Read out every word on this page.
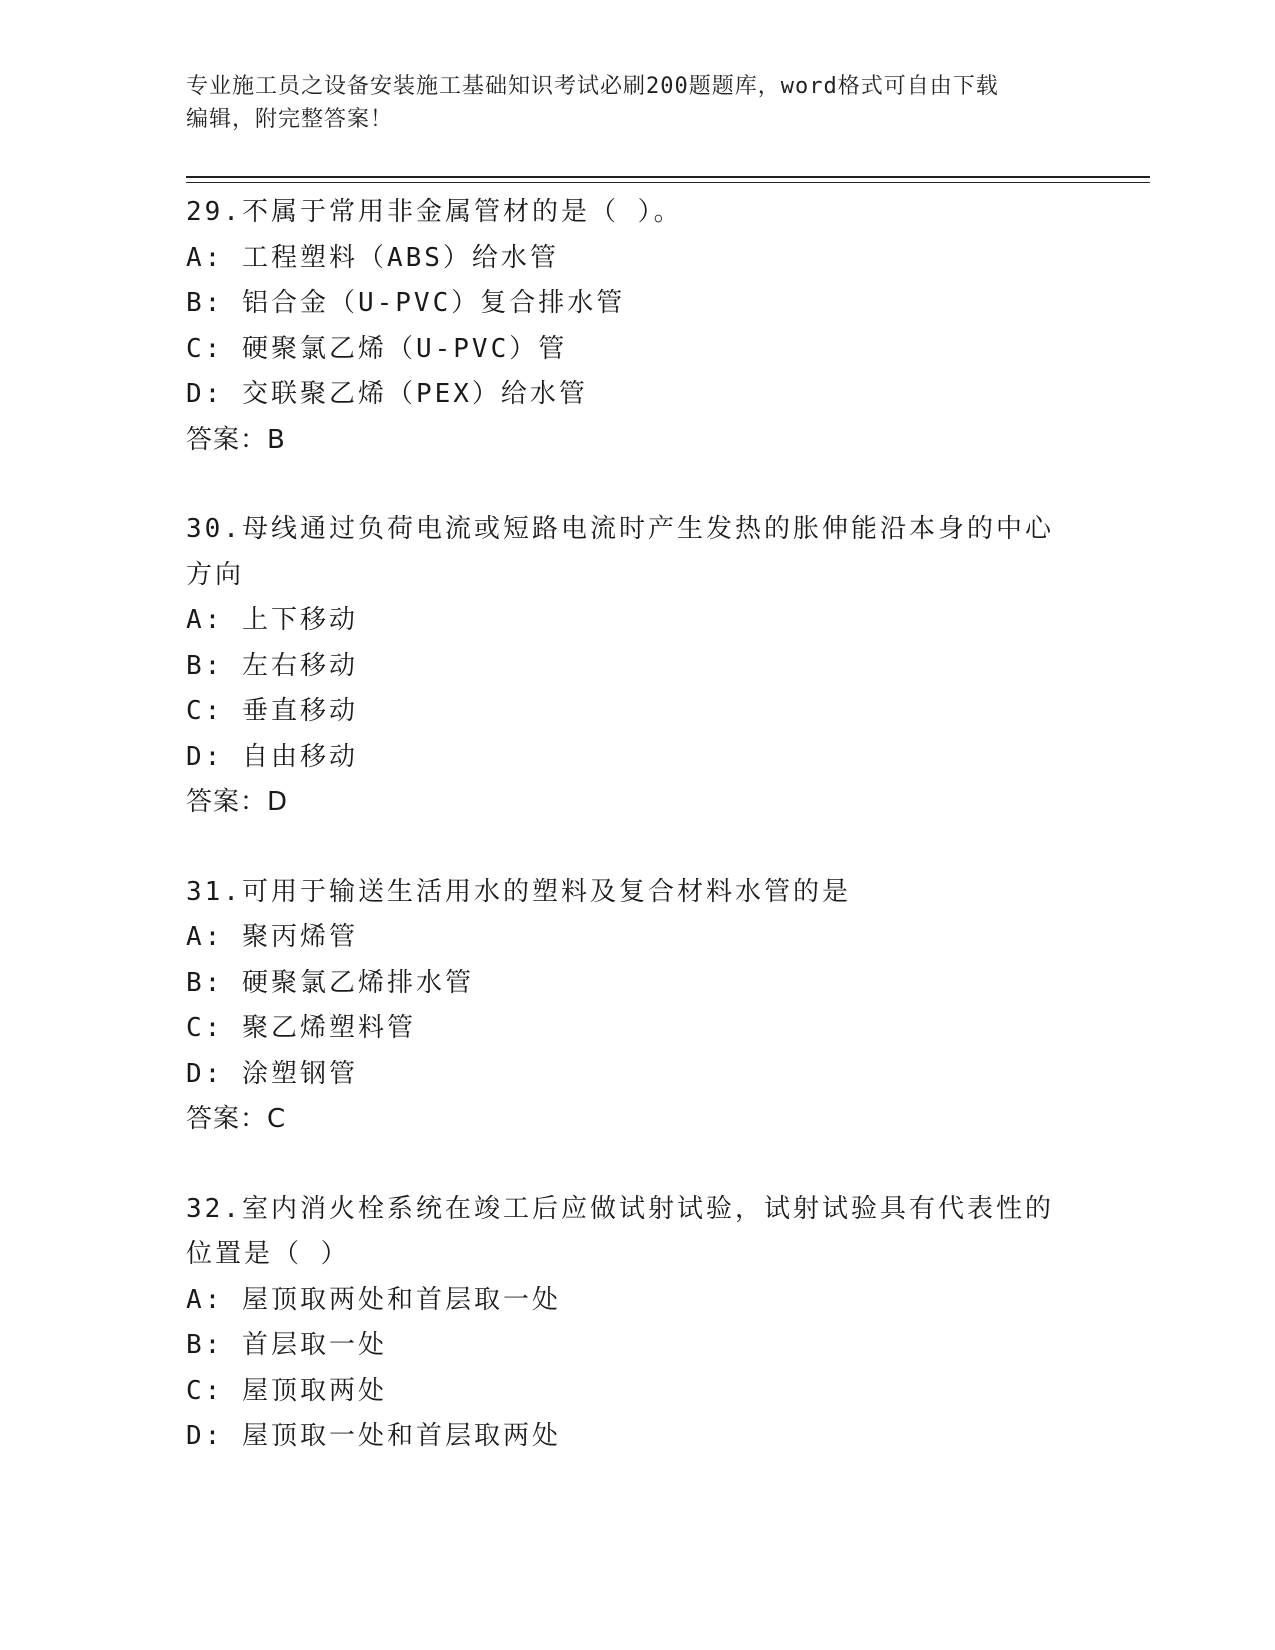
专业施工员之设备安装施工基础知识考试必刷200题题库，word格式可自由下载
编辑，附完整答案！
29.不属于常用非金属管材的是（ ）。
A: 工程塑料（ABS）给水管
B: 铝合金（U-PVC）复合排水管
C: 硬聚氯乙烯（U-PVC）管
D: 交联聚乙烯（PEX）给水管
答案：B
30.母线通过负荷电流或短路电流时产生发热的胀伸能沿本身的中心方向
A: 上下移动
B: 左右移动
C: 垂直移动
D: 自由移动
答案：D
31.可用于输送生活用水的塑料及复合材料水管的是
A: 聚丙烯管
B: 硬聚氯乙烯排水管
C: 聚乙烯塑料管
D: 涂塑钢管
答案：C
32.室内消火栓系统在竣工后应做试射试验，试射试验具有代表性的位置是（ ）
A: 屋顶取两处和首层取一处
B: 首层取一处
C: 屋顶取两处
D: 屋顶取一处和首层取两处
